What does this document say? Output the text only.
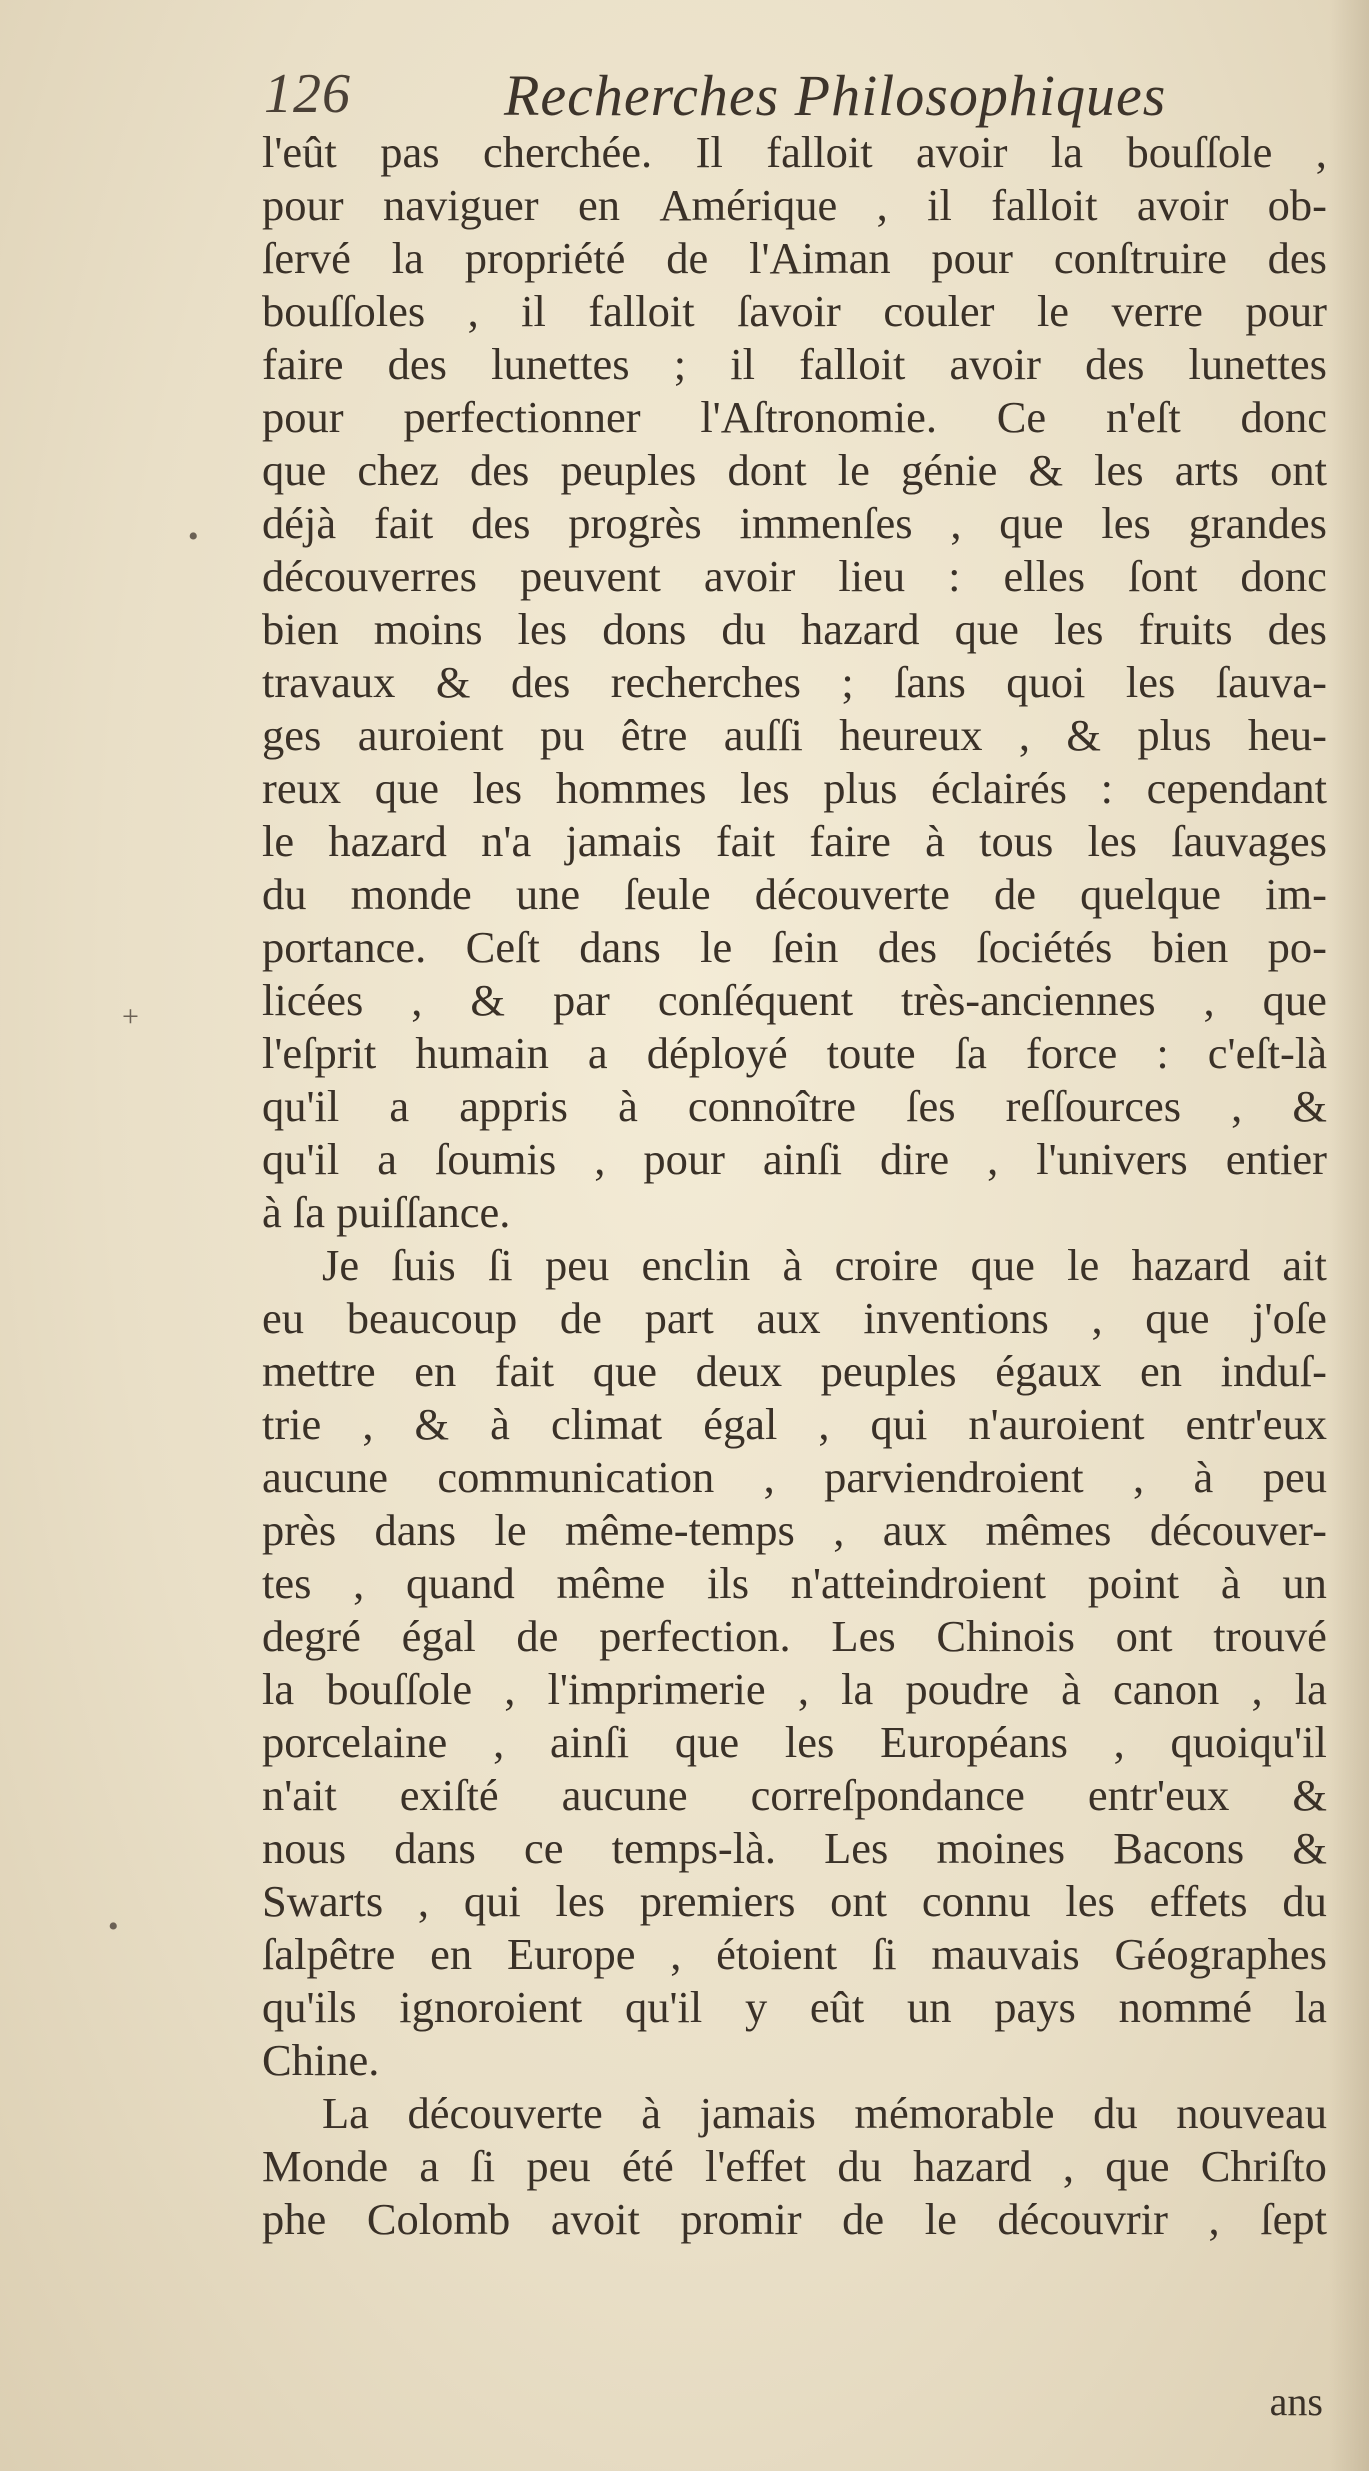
126	Recherches Philosophiques
l'eût pas cherchée. Il falloit avoir la bouſſole ,
pour naviguer en Amérique , il falloit avoir ob-
ſervé la propriété de l'Aiman pour conſtruire des
bouſſoles , il falloit ſavoir couler le verre pour
faire des lunettes ; il falloit avoir des lunettes
pour perfectionner l'Aſtronomie. Ce n'eſt donc
que chez des peuples dont le génie & les arts ont
déjà fait des progrès immenſes , que les grandes
découverres peuvent avoir lieu : elles ſont donc
bien moins les dons du hazard que les fruits des
travaux & des recherches ; ſans quoi les ſauva-
ges auroient pu être auſſi heureux , & plus heu-
reux que les hommes les plus éclairés : cependant
le hazard n'a jamais fait faire à tous les ſauvages
du monde une ſeule découverte de quelque im-
portance. Ceſt dans le ſein des ſociétés bien po-
licées , & par conſéquent très-anciennes , que
l'eſprit humain a déployé toute ſa force : c'eſt-là
qu'il a appris à connoître ſes reſſources , &
qu'il a ſoumis , pour ainſi dire , l'univers entier
à ſa puiſſance.
Je ſuis ſi peu enclin à croire que le hazard ait
eu beaucoup de part aux inventions , que j'oſe
mettre en fait que deux peuples égaux en induſ-
trie , & à climat égal , qui n'auroient entr'eux
aucune communication , parviendroient , à peu
près dans le même-temps , aux mêmes découver-
tes , quand même ils n'atteindroient point à un
degré égal de perfection. Les Chinois ont trouvé
la bouſſole , l'imprimerie , la poudre à canon , la
porcelaine , ainſi que les Européans , quoiqu'il
n'ait exiſté aucune correſpondance entr'eux &
nous dans ce temps-là. Les moines Bacons &
Swarts , qui les premiers ont connu les effets du
ſalpêtre en Europe , étoient ſi mauvais Géographes
qu'ils ignoroient qu'il y eût un pays nommé la
Chine.
La découverte à jamais mémorable du nouveau
Monde a ſi peu été l'effet du hazard , que Chriſto
phe Colomb avoit promir de le découvrir , ſept
ans
•
+
•
